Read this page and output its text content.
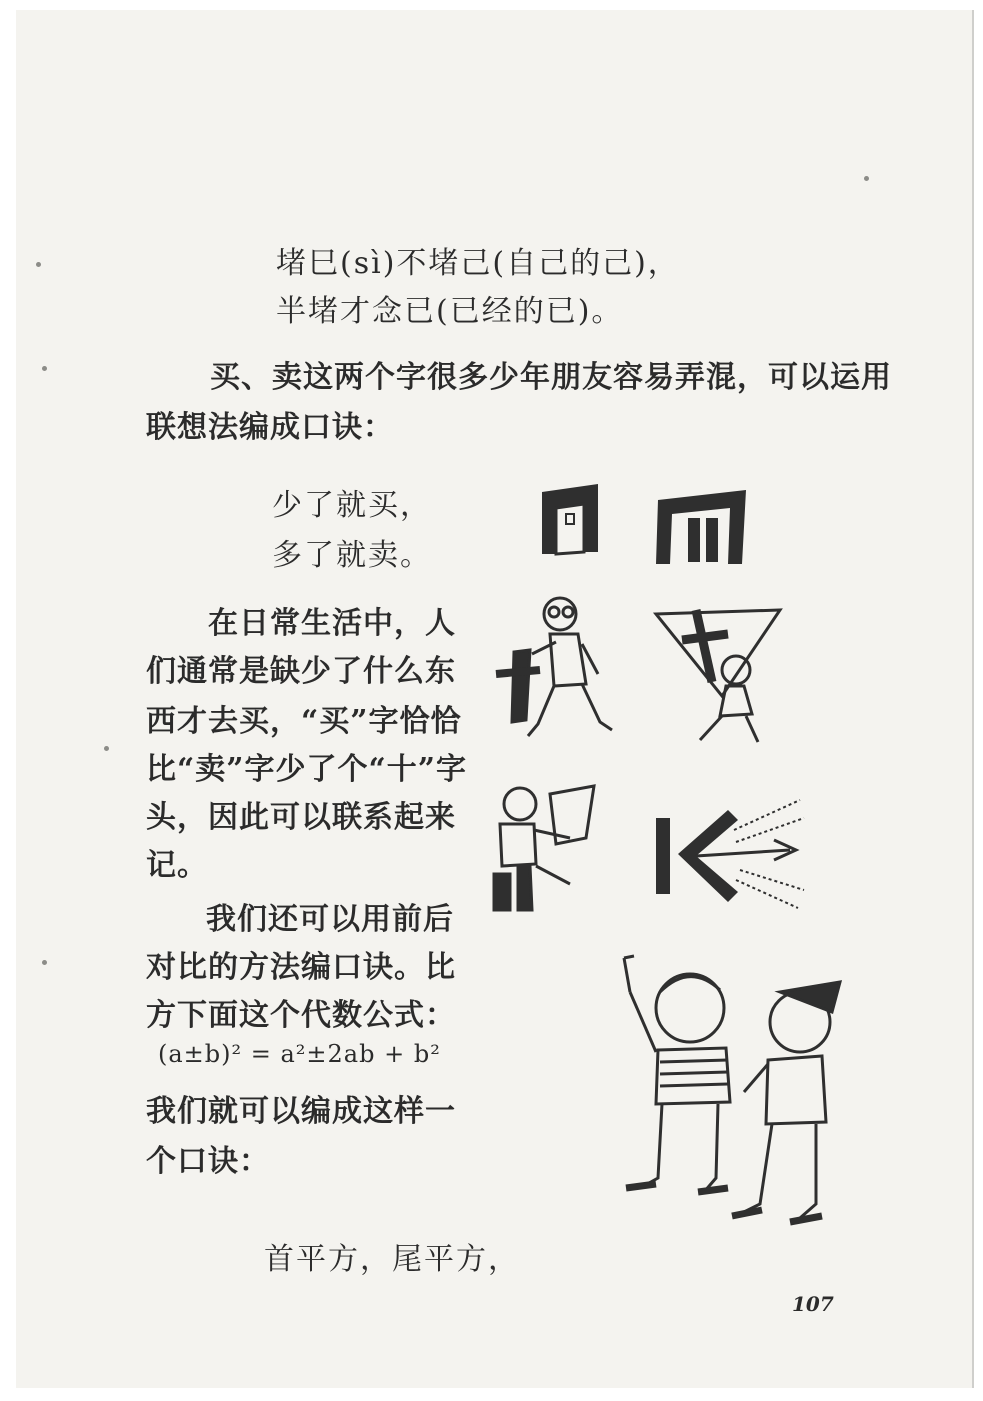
堵巳(sì)不堵己(自己的己)，
半堵才念已(已经的已)。
买、卖这两个字很多少年朋友容易弄混，可以运用
联想法编成口诀：
少了就买，
多了就卖。
在日常生活中，人
们通常是缺少了什么东
西才去买，“买”字恰恰
比“卖”字少了个“十”字
头，因此可以联系起来
记。
我们还可以用前后
对比的方法编口诀。比
方下面这个代数公式：
(a±b)² = a²±2ab + b²
我们就可以编成这样一
个口诀：
首平方，尾平方，
107
